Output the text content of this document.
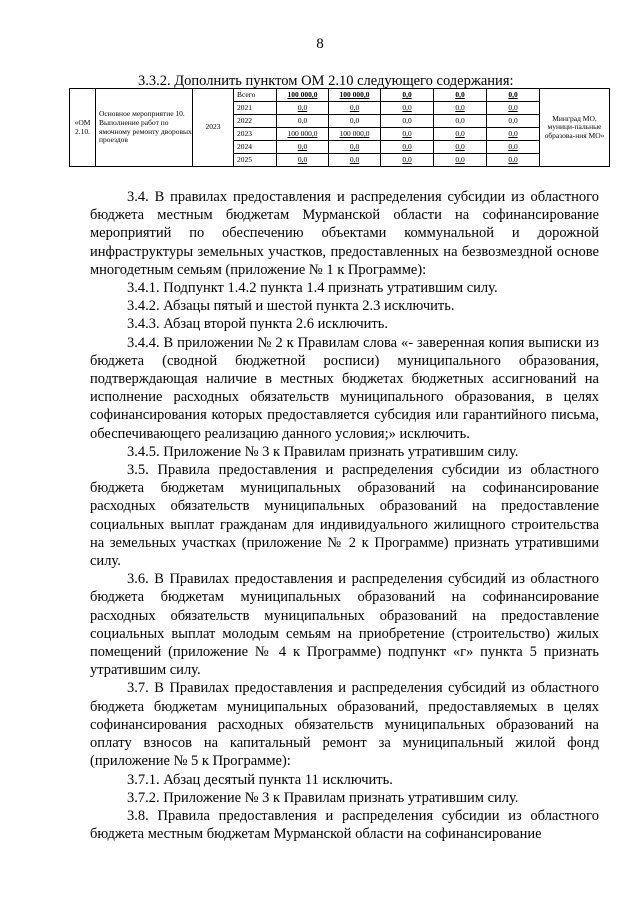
8
3.3.2. Дополнить пунктом ОМ 2.10 следующего содержания:
«ОМ 2.10.	Основное мероприятие 10. Выполнение работ по ямочному ремонту дворовых проездов	2023	Всего	100 000,0	100 000,0	0,0	0,0	0,0	Минград МО, муници-пальные образова-ния МО»
			2021	0,0	0,0	0,0	0,0	0,0	
			2022	0,0	0,0	0,0	0,0	0,0	
			2023	100 000,0	100 000,0	0,0	0,0	0,0	
			2024	0,0	0,0	0,0	0,0	0,0	
			2025	0,0	0,0	0,0	0,0	0,0	

3.4. В правилах предоставления и распределения субсидии из областного бюджета местным бюджетам Мурманской области на софинансирование мероприятий по обеспечению объектами коммунальной и дорожной инфраструктуры земельных участков, предоставленных на безвозмездной основе многодетным семьям (приложение № 1 к Программе):

3.4.1. Подпункт 1.4.2 пункта 1.4 признать утратившим силу.

3.4.2. Абзацы пятый и шестой пункта 2.3 исключить.

3.4.3. Абзац второй пункта 2.6 исключить.

3.4.4. В приложении № 2 к Правилам слова «- заверенная копия выписки из бюджета (сводной бюджетной росписи) муниципального образования, подтверждающая наличие в местных бюджетах бюджетных ассигнований на исполнение расходных обязательств муниципального образования, в целях софинансирования которых предоставляется субсидия или гарантийного письма, обеспечивающего реализацию данного условия;» исключить.

3.4.5. Приложение № 3 к Правилам признать утратившим силу.

3.5. Правила предоставления и распределения субсидии из областного бюджета бюджетам муниципальных образований на софинансирование расходных обязательств муниципальных образований на предоставление социальных выплат гражданам для индивидуального жилищного строительства на земельных участках (приложение № 2 к Программе) признать утратившими силу.

3.6. В Правилах предоставления и распределения субсидий из областного бюджета бюджетам муниципальных образований на софинансирование расходных обязательств муниципальных образований на предоставление социальных выплат молодым семьям на приобретение (строительство) жилых помещений (приложение № 4 к Программе) подпункт «г» пункта 5 признать утратившим силу.

3.7. В Правилах предоставления и распределения субсидий из областного бюджета бюджетам муниципальных образований, предоставляемых в целях софинансирования расходных обязательств муниципальных образований на оплату взносов на капитальный ремонт за муниципальный жилой фонд (приложение № 5 к Программе):

3.7.1. Абзац десятый пункта 11 исключить.

3.7.2. Приложение № 3 к Правилам признать утратившим силу.

3.8. Правила предоставления и распределения субсидии из областного бюджета местным бюджетам Мурманской области на софинансирование
